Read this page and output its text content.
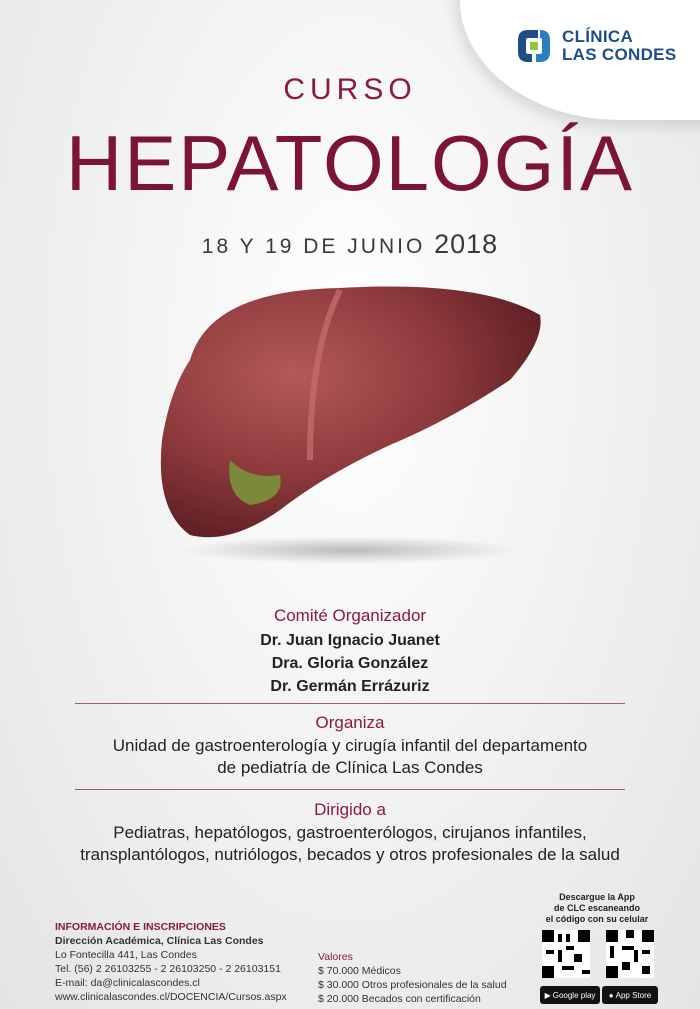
CLÍNICA
LAS CONDES
CURSO
HEPATOLOGÍA
18 Y 19 DE JUNIO 2018
Comité Organizador
Dr. Juan Ignacio Juanet
Dra. Gloria González
Dr. Germán Errázuriz
Organiza
Unidad de gastroenterología y cirugía infantil del departamento
de pediatría de Clínica Las Condes
Dirigido a
Pediatras, hepatólogos, gastroenterólogos, cirujanos infantiles,
transplantólogos, nutriólogos, becados y otros profesionales de la salud
INFORMACIÓN E INSCRIPCIONES
Dirección Académica, Clínica Las Condes
Lo Fontecilla 441, Las Condes
Tel. (56) 2 26103255 - 2 26103250 - 2 26103151
E-mail: da@clinicalascondes.cl
www.clinicalascondes.cl/DOCENCIA/Cursos.aspx
Valores
$ 70.000 Médicos
$ 30.000 Otros profesionales de la salud
$ 20.000 Becados con certificación
Descargue la App
de CLC escaneando
el código con su celular
▶ Google play ● App Store
